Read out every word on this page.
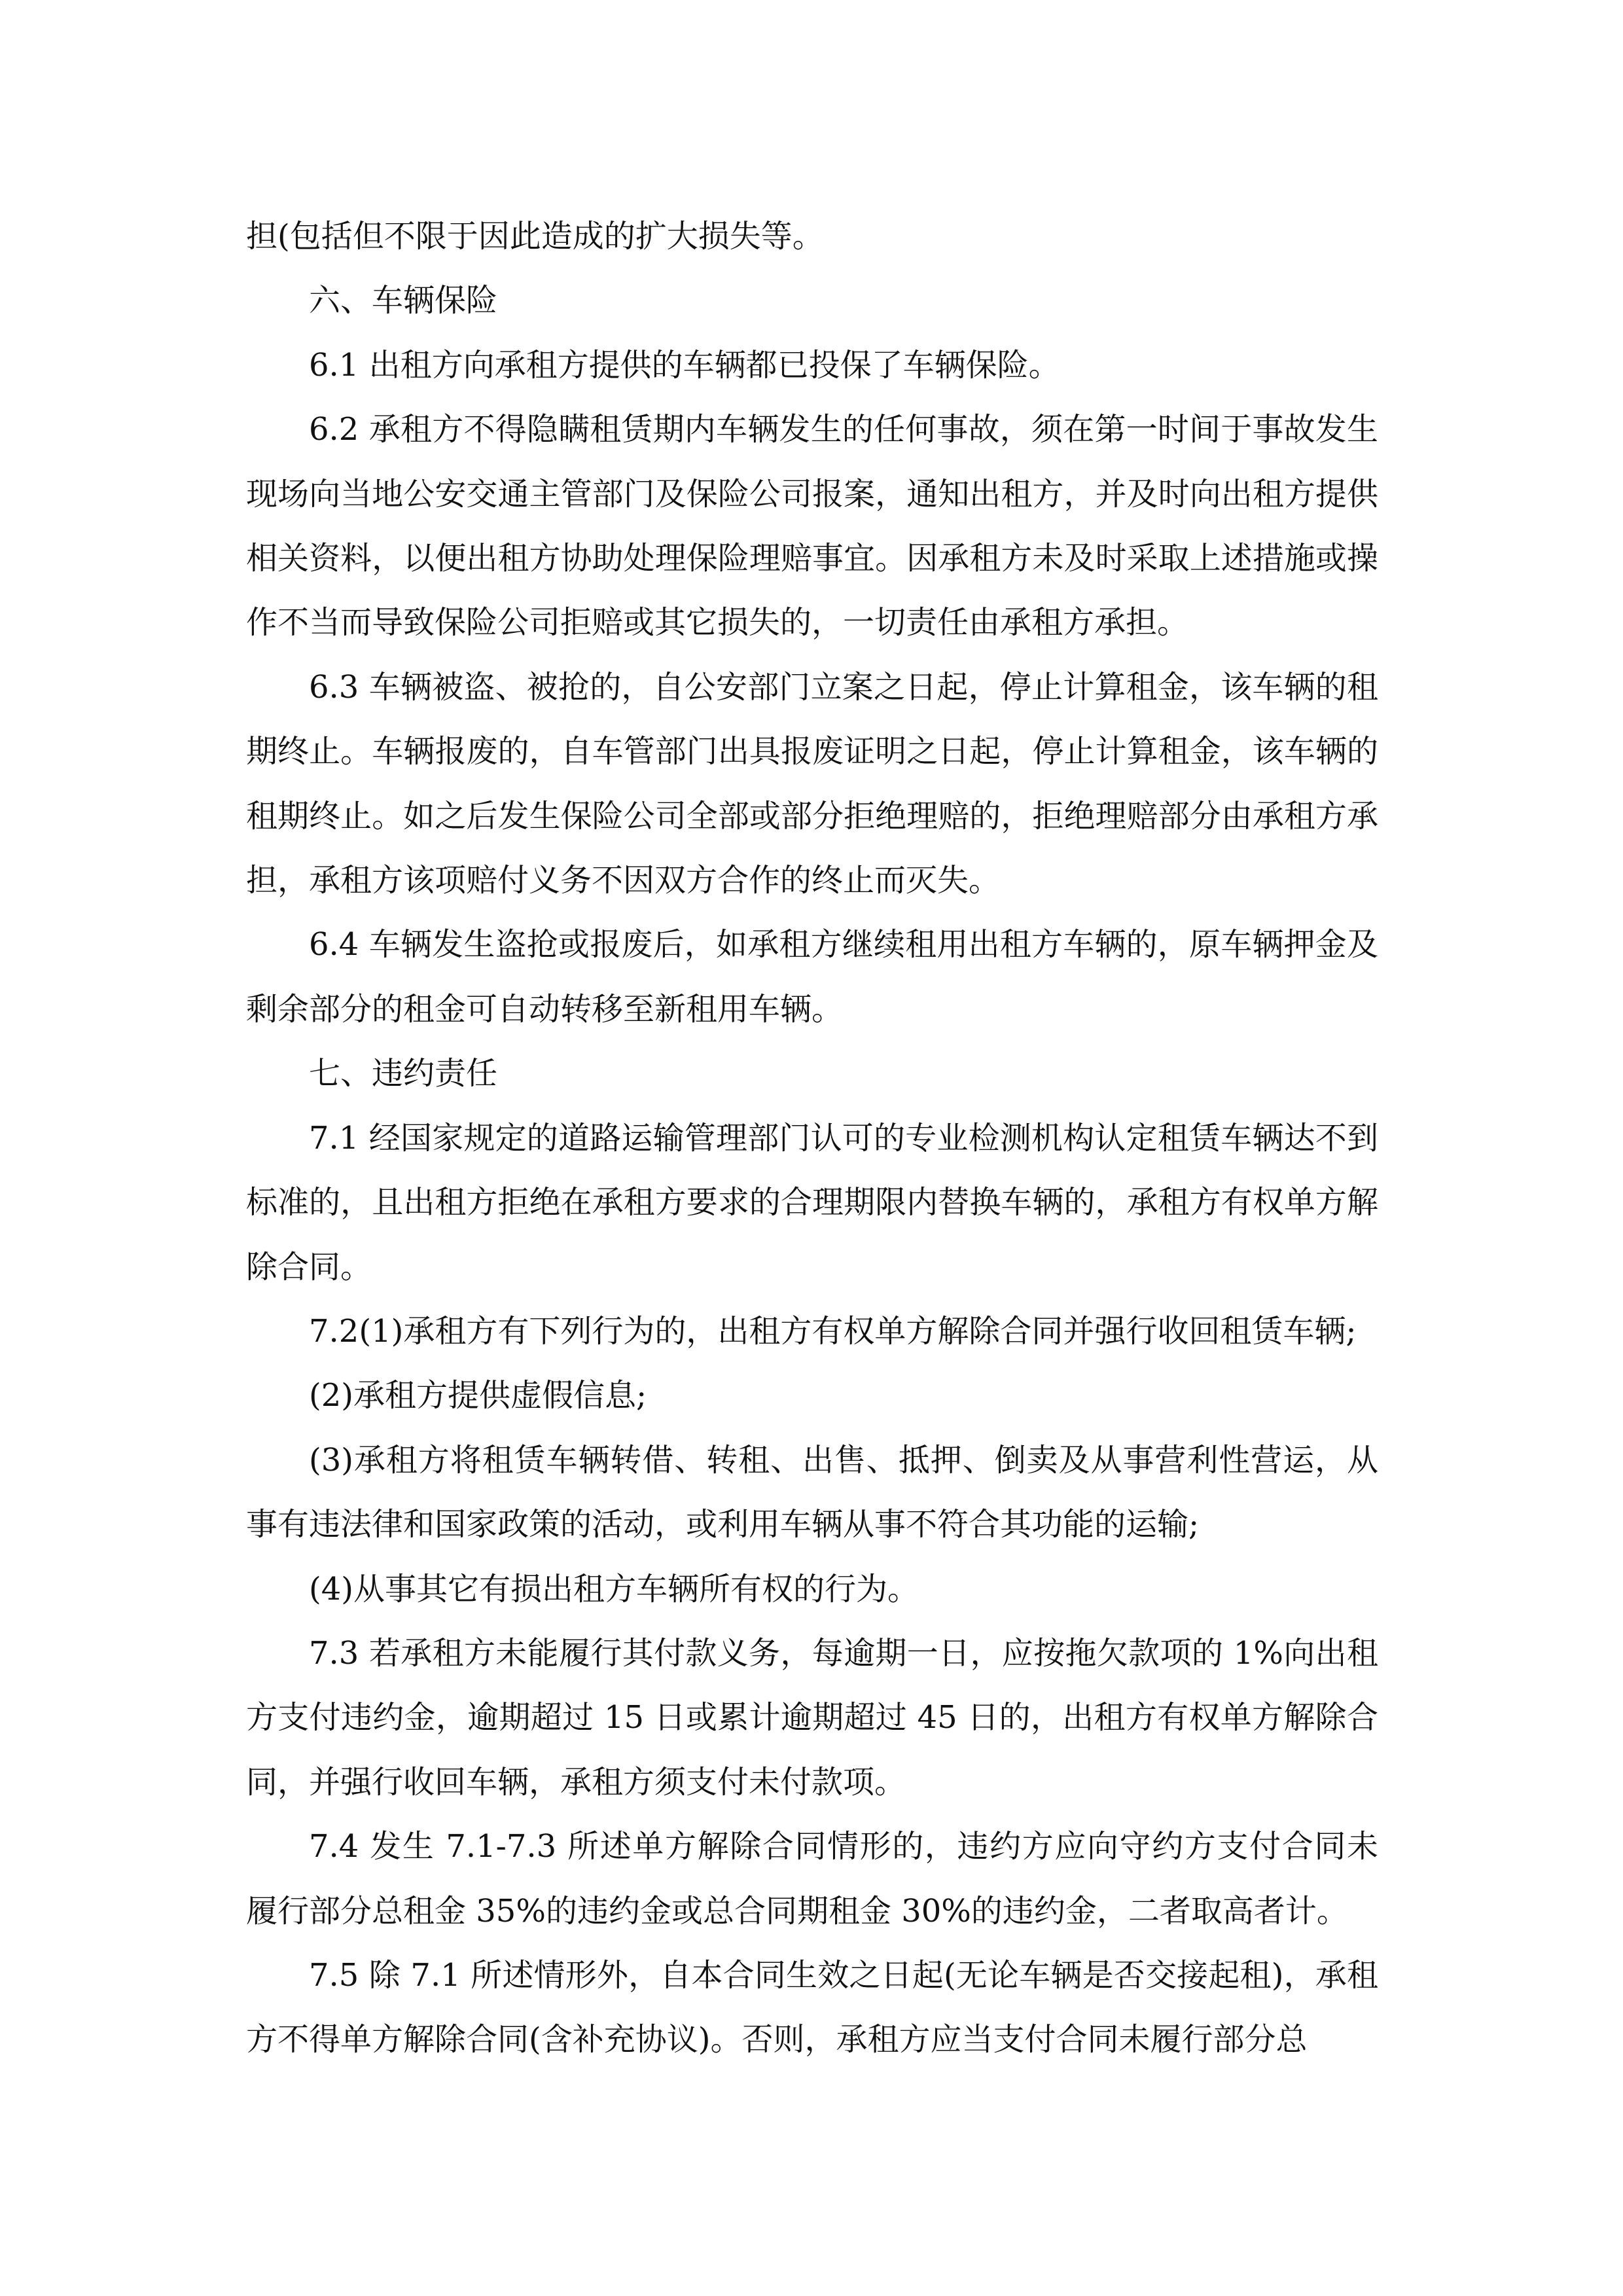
担(包括但不限于因此造成的扩大损失等。

六、车辆保险

6.1 出租方向承租方提供的车辆都已投保了车辆保险。

6.2 承租方不得隐瞒租赁期内车辆发生的任何事故，须在第一时间于事故发生现场向当地公安交通主管部门及保险公司报案，通知出租方，并及时向出租方提供相关资料，以便出租方协助处理保险理赔事宜。因承租方未及时采取上述措施或操作不当而导致保险公司拒赔或其它损失的，一切责任由承租方承担。

6.3 车辆被盗、被抢的，自公安部门立案之日起，停止计算租金，该车辆的租期终止。车辆报废的，自车管部门出具报废证明之日起，停止计算租金，该车辆的租期终止。如之后发生保险公司全部或部分拒绝理赔的，拒绝理赔部分由承租方承担，承租方该项赔付义务不因双方合作的终止而灭失。

6.4 车辆发生盗抢或报废后，如承租方继续租用出租方车辆的，原车辆押金及剩余部分的租金可自动转移至新租用车辆。

七、违约责任

7.1 经国家规定的道路运输管理部门认可的专业检测机构认定租赁车辆达不到标准的，且出租方拒绝在承租方要求的合理期限内替换车辆的，承租方有权单方解除合同。

7.2(1)承租方有下列行为的，出租方有权单方解除合同并强行收回租赁车辆;

(2)承租方提供虚假信息;

(3)承租方将租赁车辆转借、转租、出售、抵押、倒卖及从事营利性营运，从事有违法律和国家政策的活动，或利用车辆从事不符合其功能的运输;

(4)从事其它有损出租方车辆所有权的行为。

7.3 若承租方未能履行其付款义务，每逾期一日，应按拖欠款项的 1%向出租方支付违约金，逾期超过 15 日或累计逾期超过 45 日的，出租方有权单方解除合同，并强行收回车辆，承租方须支付未付款项。

7.4 发生 7.1-7.3 所述单方解除合同情形的，违约方应向守约方支付合同未履行部分总租金 35%的违约金或总合同期租金 30%的违约金，二者取高者计。

7.5 除 7.1 所述情形外，自本合同生效之日起(无论车辆是否交接起租)，承租方不得单方解除合同(含补充协议)。否则，承租方应当支付合同未履行部分总
